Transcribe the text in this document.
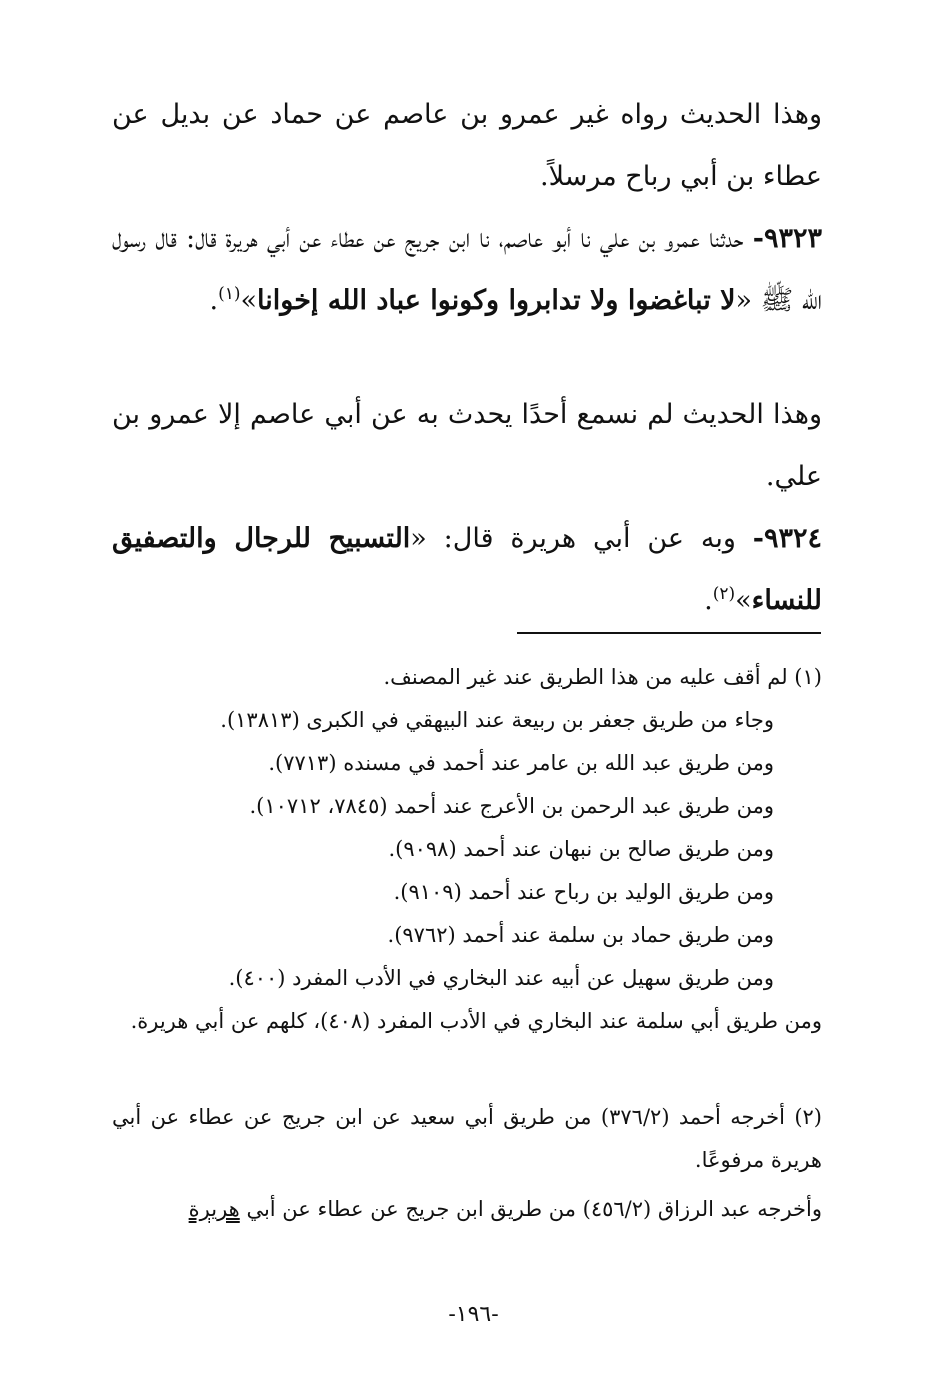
وهذا الحديث رواه غير عمرو بن عاصم عن حماد عن بديل عن عطاء بن أبي رباح مرسلاً.

٩٣٢٣- حدثنا عمرو بن علي نا أبو عاصم، نا ابن جريج عن عطاء عن أبي هريرة قال: قال رسول الله ﷺ «لا تباغضوا ولا تدابروا وكونوا عباد الله إخوانا»$^{(١)}$.

وهذا الحديث لم نسمع أحدًا يحدث به عن أبي عاصم إلا عمرو بن علي.

٩٣٢٤- وبه عن أبي هريرة قال: «التسبيح للرجال والتصفيق للنساء»$^{(٢)}$.

(١) لم أقف عليه من هذا الطريق عند غير المصنف.
وجاء من طريق جعفر بن ربيعة عند البيهقي في الكبرى (١٣٨١٣).
ومن طريق عبد الله بن عامر عند أحمد في مسنده (٧٧١٣).
ومن طريق عبد الرحمن بن الأعرج عند أحمد (٧٨٤٥، ١٠٧١٢).
ومن طريق صالح بن نبهان عند أحمد (٩٠٩٨).
ومن طريق الوليد بن رباح عند أحمد (٩١٠٩).
ومن طريق حماد بن سلمة عند أحمد (٩٧٦٢).
ومن طريق سهيل عن أبيه عند البخاري في الأدب المفرد (٤٠٠).
ومن طريق أبي سلمة عند البخاري في الأدب المفرد (٤٠٨)، كلهم عن أبي هريرة.
(٢) أخرجه أحمد (٣٧٦/٢) من طريق أبي سعيد عن ابن جريج عن عطاء عن أبي هريرة مرفوعًا.
وأخرجه عبد الرزاق (٤٥٦/٢) من طريق ابن جريج عن عطاء عن أبي هريرة
-١٩٦-
